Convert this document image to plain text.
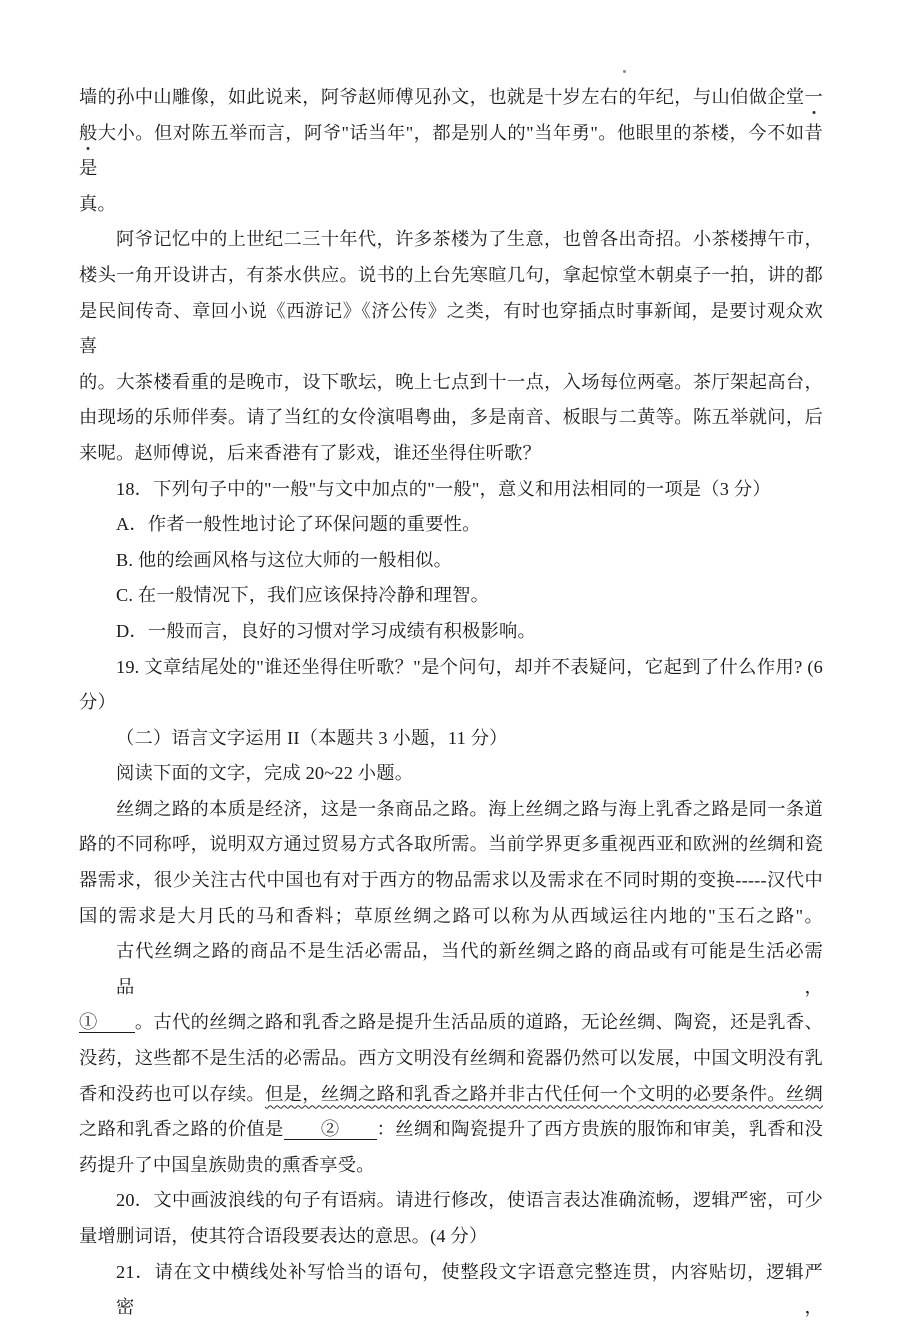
墙的孙中山雕像，如此说来，阿爷赵师傅见孙文，也就是十岁左右的年纪，与山伯做企堂一
般大小。但对陈五举而言，阿爷"话当年"，都是别人的"当年勇"。他眼里的茶楼，今不如昔是
真。
阿爷记忆中的上世纪二三十年代，许多茶楼为了生意，也曾各出奇招。小茶楼搏午市，
楼头一角开设讲古，有茶水供应。说书的上台先寒暄几句，拿起惊堂木朝桌子一拍，讲的都
是民间传奇、章回小说《西游记》《济公传》之类，有时也穿插点时事新闻，是要讨观众欢喜
的。大茶楼看重的是晚市，设下歌坛，晚上七点到十一点，入场每位两毫。茶厅架起高台，
由现场的乐师伴奏。请了当红的女伶演唱粤曲，多是南音、板眼与二黄等。陈五举就问，后
来呢。赵师傅说，后来香港有了影戏，谁还坐得住听歌？
18．下列句子中的"一般"与文中加点的"一般"，意义和用法相同的一项是（3 分）
A．作者一般性地讨论了环保问题的重要性。
B. 他的绘画风格与这位大师的一般相似。
C. 在一般情况下，我们应该保持冷静和理智。
D．一般而言，良好的习惯对学习成绩有积极影响。
19. 文章结尾处的"谁还坐得住听歌？"是个问句，却并不表疑问，它起到了什么作用? (6
分）
（二）语言文字运用 II（本题共 3 小题，11 分）
阅读下面的文字，完成 20~22 小题。
丝绸之路的本质是经济，这是一条商品之路。海上丝绸之路与海上乳香之路是同一条道
路的不同称呼，说明双方通过贸易方式各取所需。当前学界更多重视西亚和欧洲的丝绸和瓷
器需求，很少关注古代中国也有对于西方的物品需求以及需求在不同时期的变换-----汉代中
国的需求是大月氏的马和香料；草原丝绸之路可以称为从西域运往内地的"玉石之路"。
古代丝绸之路的商品不是生活必需品，当代的新丝绸之路的商品或有可能是生活必需品，
①　　。古代的丝绸之路和乳香之路是提升生活品质的道路，无论丝绸、陶瓷，还是乳香、
没药，这些都不是生活的必需品。西方文明没有丝绸和瓷器仍然可以发展，中国文明没有乳
香和没药也可以存续。但是，丝绸之路和乳香之路并非古代任何一个文明的必要条件。丝绸
之路和乳香之路的价值是　　②　　：丝绸和陶瓷提升了西方贵族的服饰和审美，乳香和没
药提升了中国皇族勋贵的熏香享受。
20．文中画波浪线的句子有语病。请进行修改，使语言表达准确流畅，逻辑严密，可少
量增删词语，使其符合语段要表达的意思。(4 分）
21．请在文中横线处补写恰当的语句，使整段文字语意完整连贯，内容贴切，逻辑严密，
